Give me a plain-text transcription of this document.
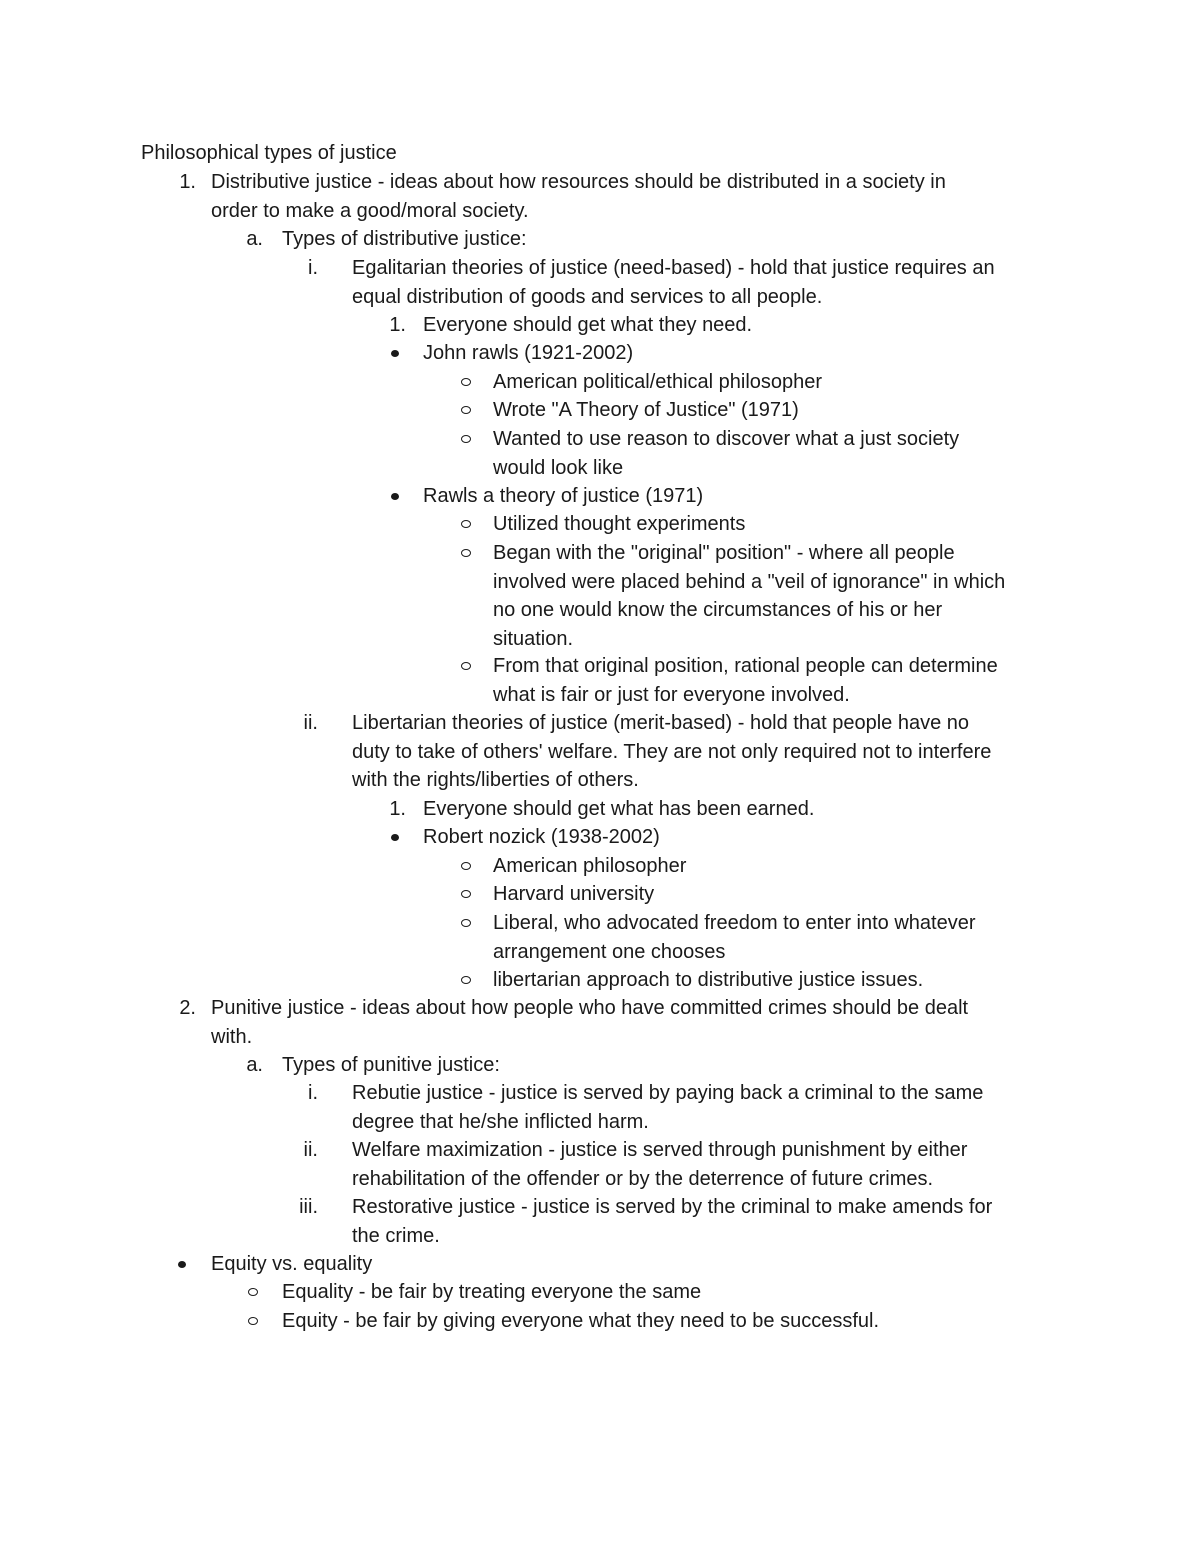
Philosophical types of justice
1. Distributive justice - ideas about how resources should be distributed in a society in
order to make a good/moral society.
a. Types of distributive justice:
i. Egalitarian theories of justice (need-based) - hold that justice requires an
equal distribution of goods and services to all people.
1. Everyone should get what they need.
John rawls (1921-2002)
American political/ethical philosopher
Wrote "A Theory of Justice" (1971)
Wanted to use reason to discover what a just society
would look like
Rawls a theory of justice (1971)
Utilized thought experiments
Began with the "original" position" - where all people
involved were placed behind a "veil of ignorance" in which
no one would know the circumstances of his or her
situation.
From that original position, rational people can determine
what is fair or just for everyone involved.
ii. Libertarian theories of justice (merit-based) - hold that people have no
duty to take of others' welfare. They are not only required not to interfere
with the rights/liberties of others.
1. Everyone should get what has been earned.
Robert nozick (1938-2002)
American philosopher
Harvard university
Liberal, who advocated freedom to enter into whatever
arrangement one chooses
libertarian approach to distributive justice issues.
2. Punitive justice - ideas about how people who have committed crimes should be dealt
with.
a. Types of punitive justice:
i. Rebutie justice - justice is served by paying back a criminal to the same
degree that he/she inflicted harm.
ii. Welfare maximization - justice is served through punishment by either
rehabilitation of the offender or by the deterrence of future crimes.
iii. Restorative justice - justice is served by the criminal to make amends for
the crime.
Equity vs. equality
Equality - be fair by treating everyone the same
Equity - be fair by giving everyone what they need to be successful.
